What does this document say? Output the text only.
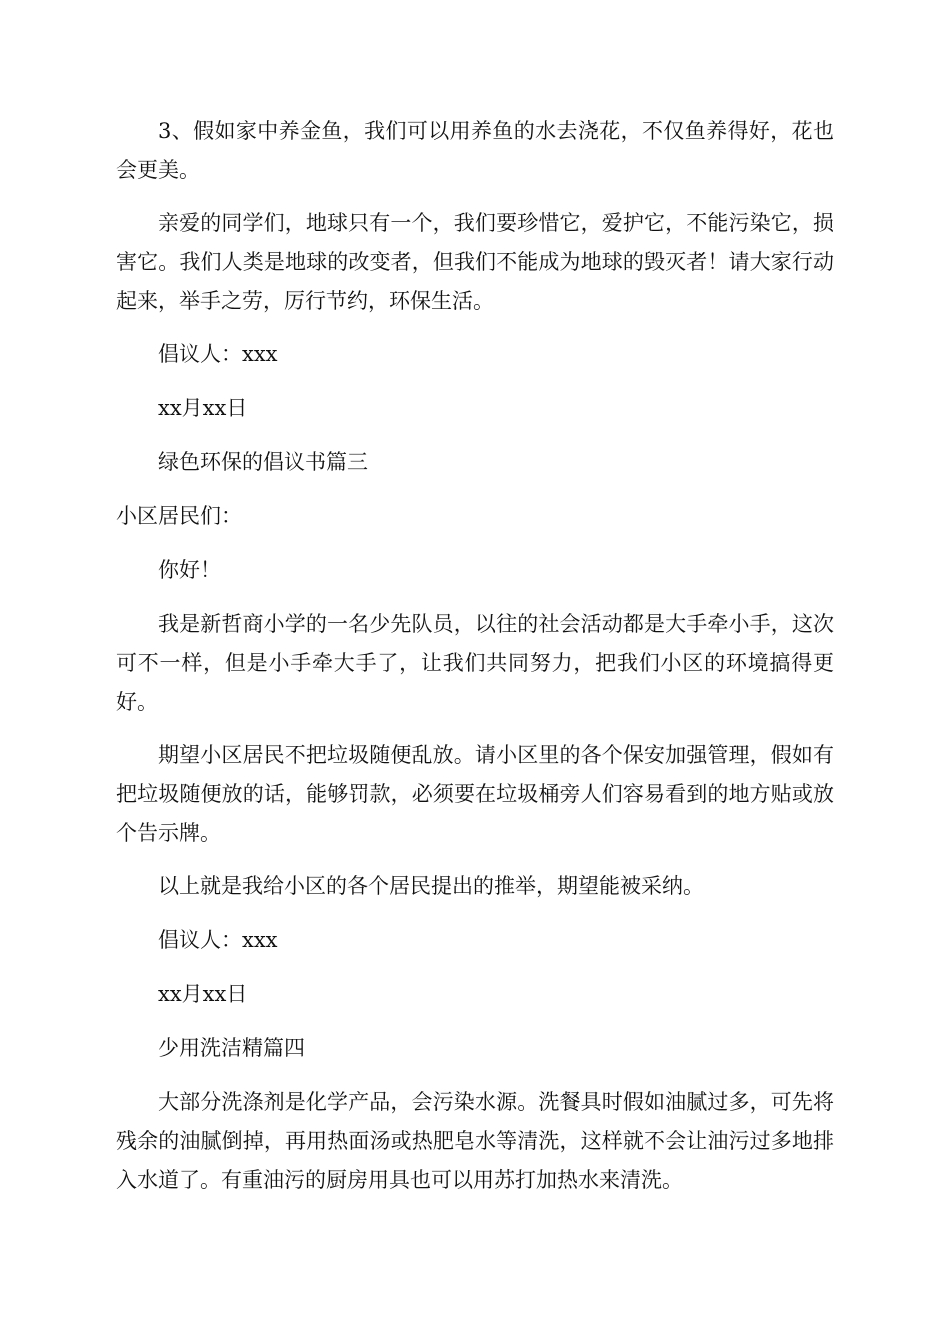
3、假如家中养金鱼，我们可以用养鱼的水去浇花，不仅鱼养得好，花也会更美。

亲爱的同学们，地球只有一个，我们要珍惜它，爱护它，不能污染它，损害它。我们人类是地球的改变者，但我们不能成为地球的毁灭者！请大家行动起来，举手之劳，厉行节约，环保生活。

倡议人：xxx

xx月xx日

绿色环保的倡议书篇三

小区居民们：

你好！

我是新哲商小学的一名少先队员，以往的社会活动都是大手牵小手，这次可不一样，但是小手牵大手了，让我们共同努力，把我们小区的环境搞得更好。

期望小区居民不把垃圾随便乱放。请小区里的各个保安加强管理，假如有把垃圾随便放的话，能够罚款，必须要在垃圾桶旁人们容易看到的地方贴或放个告示牌。

以上就是我给小区的各个居民提出的推举，期望能被采纳。

倡议人：xxx

xx月xx日

少用洗洁精篇四

大部分洗涤剂是化学产品，会污染水源。洗餐具时假如油腻过多，可先将残余的油腻倒掉，再用热面汤或热肥皂水等清洗，这样就不会让油污过多地排入水道了。有重油污的厨房用具也可以用苏打加热水来清洗。
